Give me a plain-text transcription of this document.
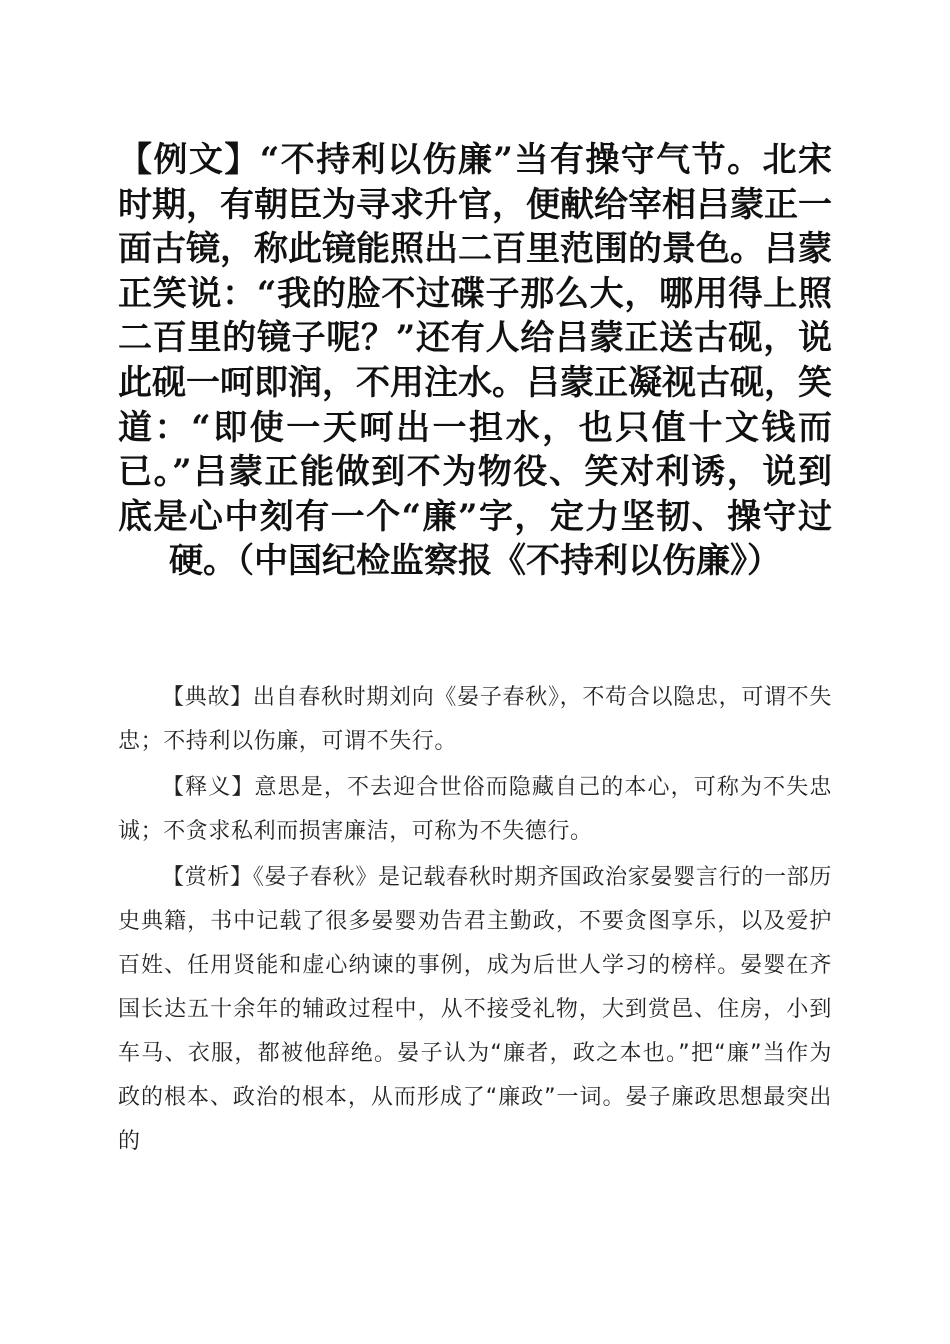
【例文】“不持利以伤廉”当有操守气节。北宋时期，有朝臣为寻求升官，便献给宰相吕蒙正一面古镜，称此镜能照出二百里范围的景色。吕蒙正笑说：“我的脸不过碟子那么大，哪用得上照二百里的镜子呢？”还有人给吕蒙正送古砚，说此砚一呵即润，不用注水。吕蒙正凝视古砚，笑道：“即使一天呵出一担水，也只值十文钱而已。”吕蒙正能做到不为物役、笑对利诱，说到底是心中刻有一个“廉”字，定力坚韧、操守过硬。（中国纪检监察报《不持利以伤廉》）

【典故】出自春秋时期刘向《晏子春秋》，不苟合以隐忠，可谓不失忠；不持利以伤廉，可谓不失行。

【释义】意思是，不去迎合世俗而隐藏自己的本心，可称为不失忠诚；不贪求私利而损害廉洁，可称为不失德行。

【赏析】《晏子春秋》是记载春秋时期齐国政治家晏婴言行的一部历史典籍，书中记载了很多晏婴劝告君主勤政，不要贪图享乐，以及爱护百姓、任用贤能和虚心纳谏的事例，成为后世人学习的榜样。晏婴在齐国长达五十余年的辅政过程中，从不接受礼物，大到赏邑、住房，小到车马、衣服，都被他辞绝。晏子认为“廉者，政之本也。”把“廉”当作为政的根本、政治的根本，从而形成了“廉政”一词。晏子廉政思想最突出的
